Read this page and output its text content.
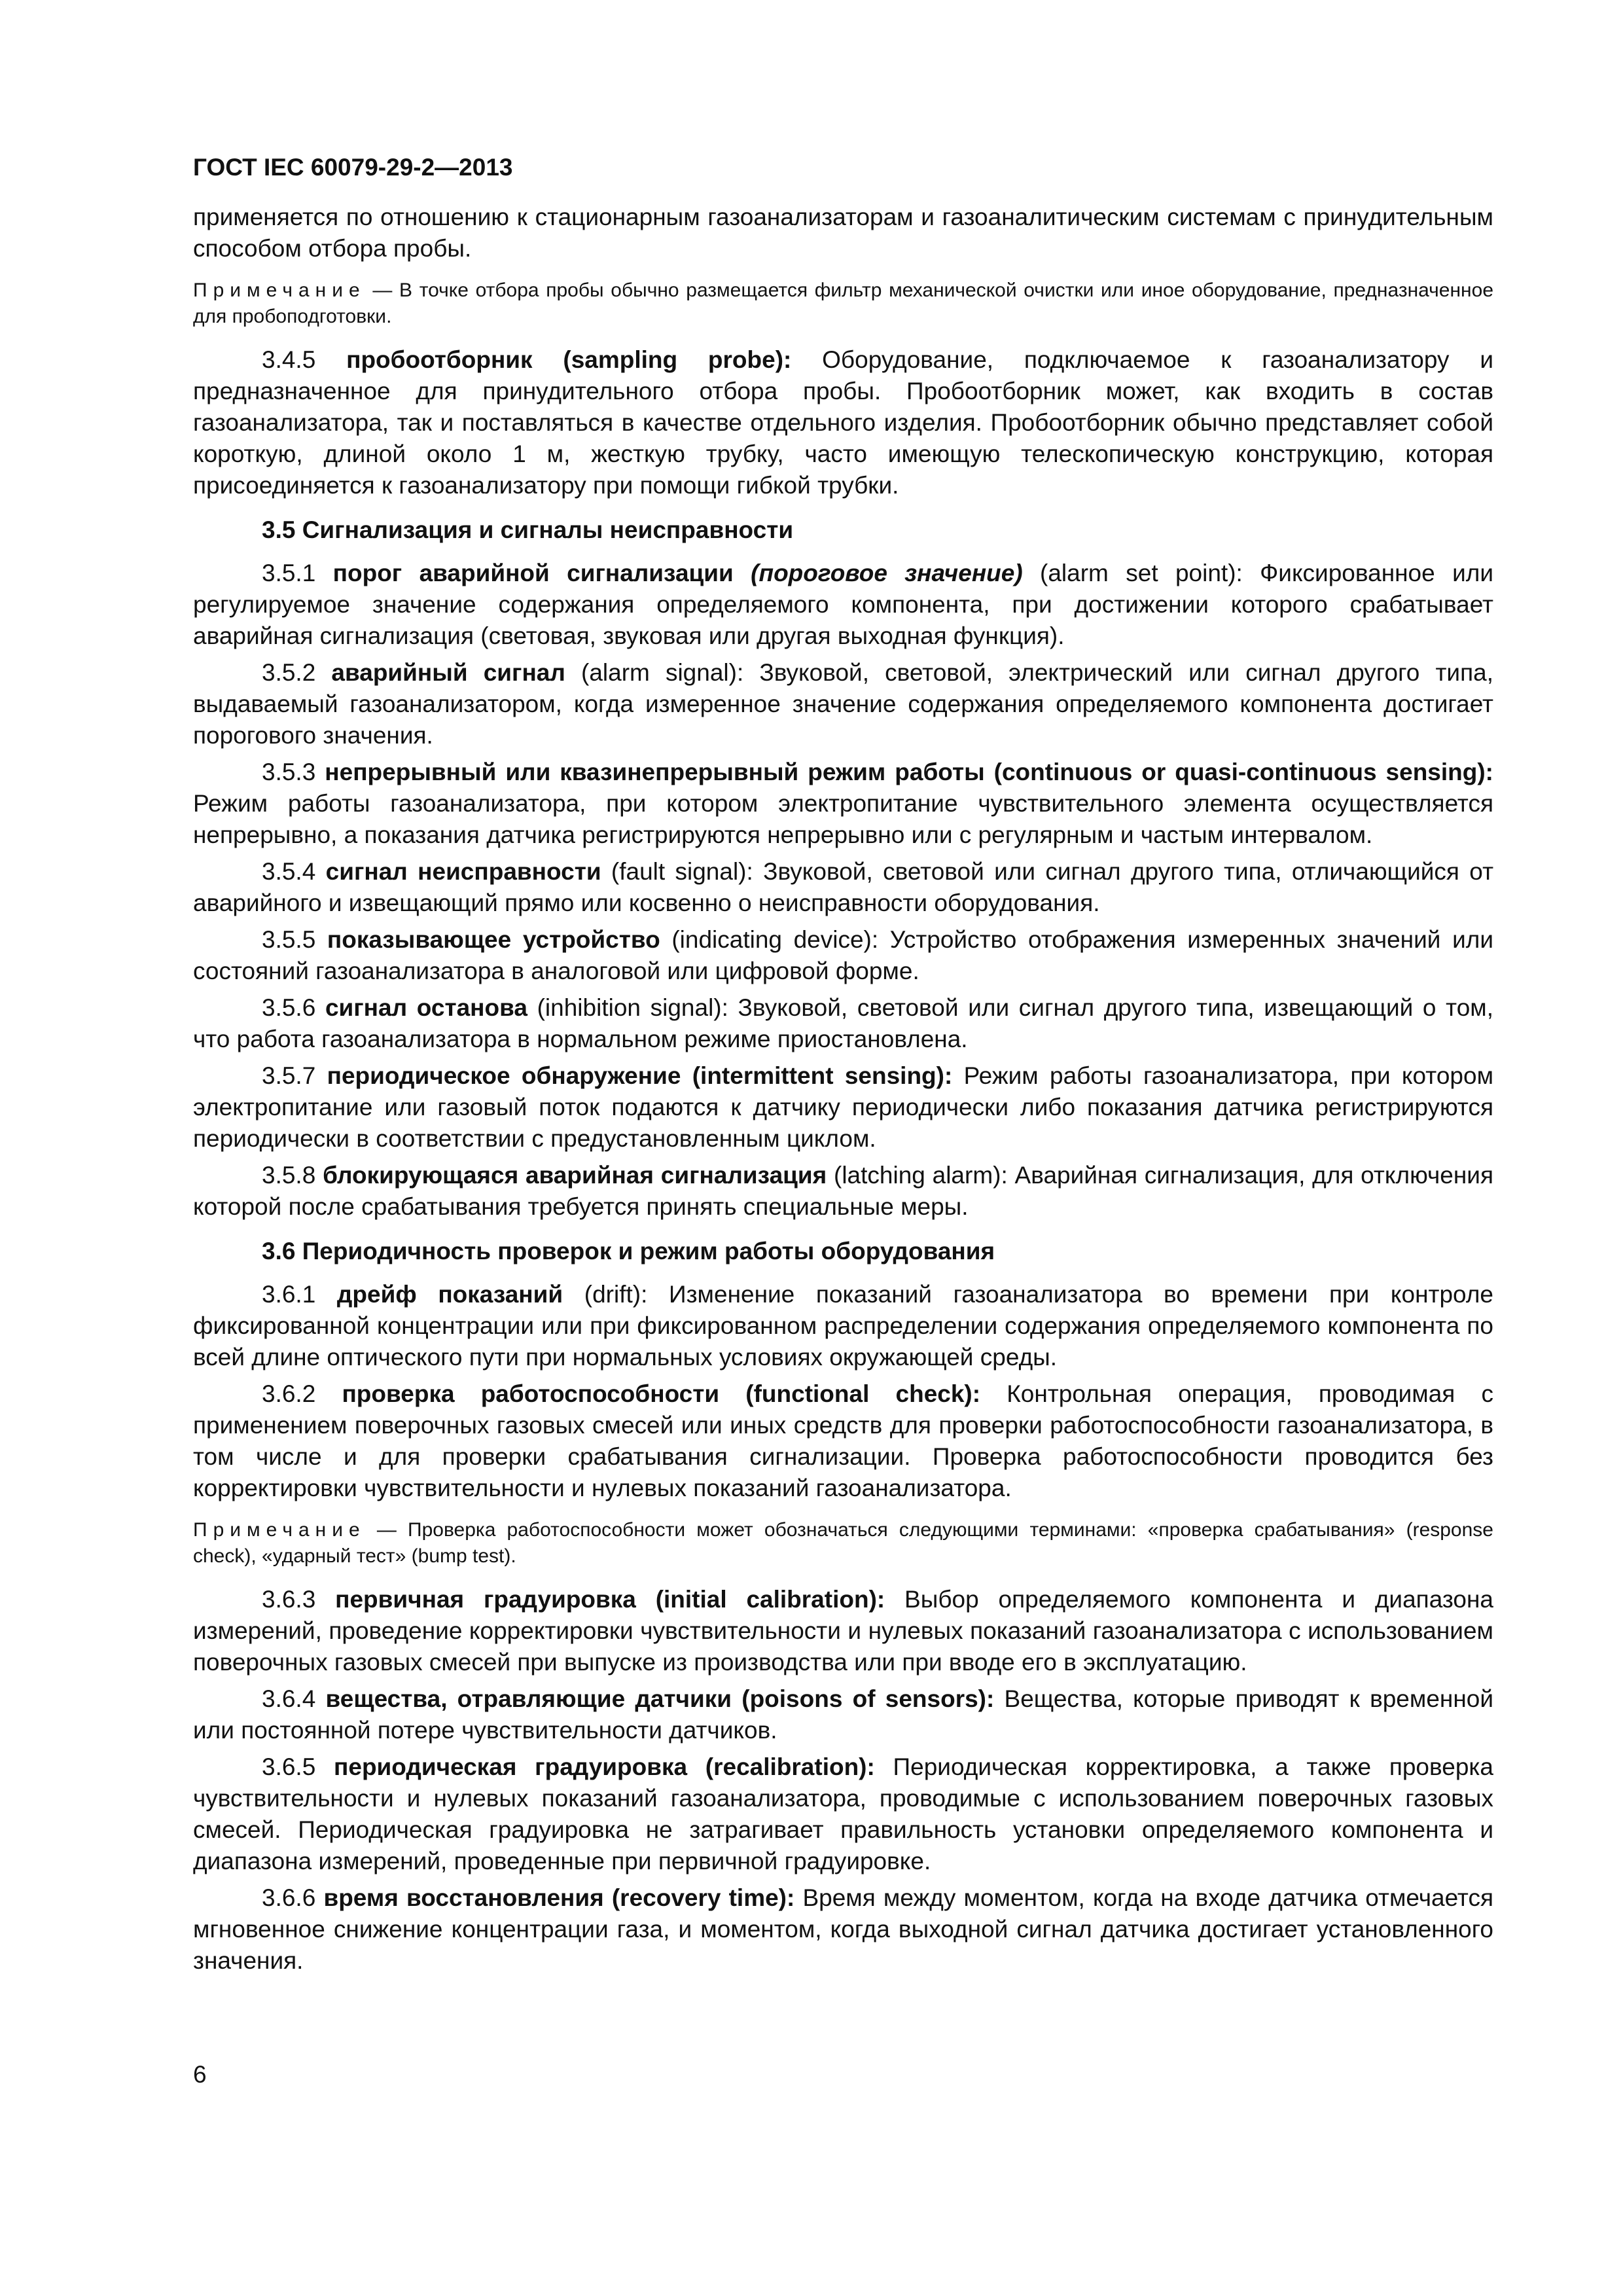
ГОСТ IEC 60079-29-2—2013

применяется по отношению к стационарным газоанализаторам и газоаналитическим системам с принудительным способом отбора пробы.

Примечание — В точке отбора пробы обычно размещается фильтр механической очистки или иное оборудование, предназначенное для пробоподготовки.

3.4.5 пробоотборник (sampling probe): Оборудование, подключаемое к газоанализатору и предназначенное для принудительного отбора пробы. Пробоотборник может, как входить в состав газоанализатора, так и поставляться в качестве отдельного изделия. Пробоотборник обычно представляет собой короткую, длиной около 1 м, жесткую трубку, часто имеющую телескопическую конструкцию, которая присоединяется к газоанализатору при помощи гибкой трубки.

3.5 Сигнализация и сигналы неисправности

3.5.1 порог аварийной сигнализации (пороговое значение) (alarm set point): Фиксированное или регулируемое значение содержания определяемого компонента, при достижении которого срабатывает аварийная сигнализация (световая, звуковая или другая выходная функция).

3.5.2 аварийный сигнал (alarm signal): Звуковой, световой, электрический или сигнал другого типа, выдаваемый газоанализатором, когда измеренное значение содержания определяемого компонента достигает порогового значения.

3.5.3 непрерывный или квазинепрерывный режим работы (continuous or quasi-continuous sensing): Режим работы газоанализатора, при котором электропитание чувствительного элемента осуществляется непрерывно, а показания датчика регистрируются непрерывно или с регулярным и частым интервалом.

3.5.4 сигнал неисправности (fault signal): Звуковой, световой или сигнал другого типа, отличающийся от аварийного и извещающий прямо или косвенно о неисправности оборудования.

3.5.5 показывающее устройство (indicating device): Устройство отображения измеренных значений или состояний газоанализатора в аналоговой или цифровой форме.

3.5.6 сигнал останова (inhibition signal): Звуковой, световой или сигнал другого типа, извещающий о том, что работа газоанализатора в нормальном режиме приостановлена.

3.5.7 периодическое обнаружение (intermittent sensing): Режим работы газоанализатора, при котором электропитание или газовый поток подаются к датчику периодически либо показания датчика регистрируются периодически в соответствии с предустановленным циклом.

3.5.8 блокирующаяся аварийная сигнализация (latching alarm): Аварийная сигнализация, для отключения которой после срабатывания требуется принять специальные меры.

3.6 Периодичность проверок и режим работы оборудования

3.6.1 дрейф показаний (drift): Изменение показаний газоанализатора во времени при контроле фиксированной концентрации или при фиксированном распределении содержания определяемого компонента по всей длине оптического пути при нормальных условиях окружающей среды.

3.6.2 проверка работоспособности (functional check): Контрольная операция, проводимая с применением поверочных газовых смесей или иных средств для проверки работоспособности газоанализатора, в том числе и для проверки срабатывания сигнализации. Проверка работоспособности проводится без корректировки чувствительности и нулевых показаний газоанализатора.

Примечание — Проверка работоспособности может обозначаться следующими терминами: «проверка срабатывания» (response check), «ударный тест» (bump test).

3.6.3 первичная градуировка (initial calibration): Выбор определяемого компонента и диапазона измерений, проведение корректировки чувствительности и нулевых показаний газоанализатора с использованием поверочных газовых смесей при выпуске из производства или при вводе его в эксплуатацию.

3.6.4 вещества, отравляющие датчики (poisons of sensors): Вещества, которые приводят к временной или постоянной потере чувствительности датчиков.

3.6.5 периодическая градуировка (recalibration): Периодическая корректировка, а также проверка чувствительности и нулевых показаний газоанализатора, проводимые с использованием поверочных газовых смесей. Периодическая градуировка не затрагивает правильность установки определяемого компонента и диапазона измерений, проведенные при первичной градуировке.

3.6.6 время восстановления (recovery time): Время между моментом, когда на входе датчика отмечается мгновенное снижение концентрации газа, и моментом, когда выходной сигнал датчика достигает установленного значения.

6
